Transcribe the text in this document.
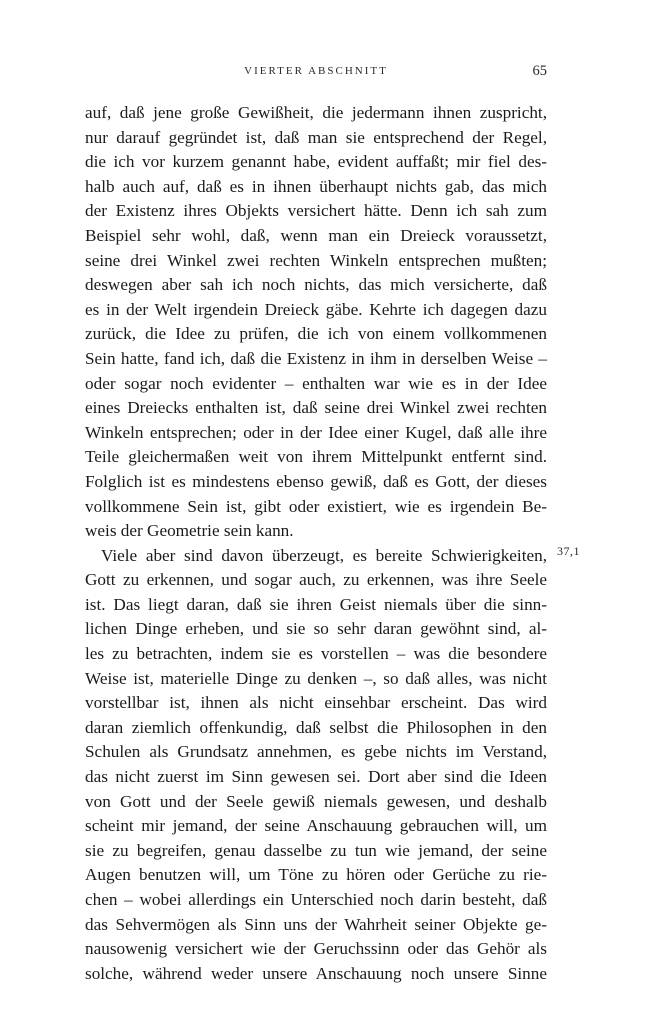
VIERTER ABSCHNITT	65
auf, daß jene große Gewißheit, die jedermann ihnen zuspricht,
nur darauf gegründet ist, daß man sie entsprechend der Regel,
die ich vor kurzem genannt habe, evident auffaßt; mir fiel des-
halb auch auf, daß es in ihnen überhaupt nichts gab, das mich
der Existenz ihres Objekts versichert hätte. Denn ich sah zum
Beispiel sehr wohl, daß, wenn man ein Dreieck voraussetzt,
seine drei Winkel zwei rechten Winkeln entsprechen mußten;
deswegen aber sah ich noch nichts, das mich versicherte, daß
es in der Welt irgendein Dreieck gäbe. Kehrte ich dagegen dazu
zurück, die Idee zu prüfen, die ich von einem vollkommenen
Sein hatte, fand ich, daß die Existenz in ihm in derselben Weise –
oder sogar noch evidenter – enthalten war wie es in der Idee
eines Dreiecks enthalten ist, daß seine drei Winkel zwei rechten
Winkeln entsprechen; oder in der Idee einer Kugel, daß alle ihre
Teile gleichermaßen weit von ihrem Mittelpunkt entfernt sind.
Folglich ist es mindestens ebenso gewiß, daß es Gott, der dieses
vollkommene Sein ist, gibt oder existiert, wie es irgendein Be-
weis der Geometrie sein kann.
Viele aber sind davon überzeugt, es bereite Schwierigkeiten,
Gott zu erkennen, und sogar auch, zu erkennen, was ihre Seele
ist. Das liegt daran, daß sie ihren Geist niemals über die sinn-
lichen Dinge erheben, und sie so sehr daran gewöhnt sind, al-
les zu betrachten, indem sie es vorstellen – was die besondere
Weise ist, materielle Dinge zu denken –, so daß alles, was nicht
vorstellbar ist, ihnen als nicht einsehbar erscheint. Das wird
daran ziemlich offenkundig, daß selbst die Philosophen in den
Schulen als Grundsatz annehmen, es gebe nichts im Verstand,
das nicht zuerst im Sinn gewesen sei. Dort aber sind die Ideen
von Gott und der Seele gewiß niemals gewesen, und deshalb
scheint mir jemand, der seine Anschauung gebrauchen will, um
sie zu begreifen, genau dasselbe zu tun wie jemand, der seine
Augen benutzen will, um Töne zu hören oder Gerüche zu rie-
chen – wobei allerdings ein Unterschied noch darin besteht, daß
das Sehvermögen als Sinn uns der Wahrheit seiner Objekte ge-
nausowenig versichert wie der Geruchssinn oder das Gehör als
solche, während weder unsere Anschauung noch unsere Sinne
37,1
